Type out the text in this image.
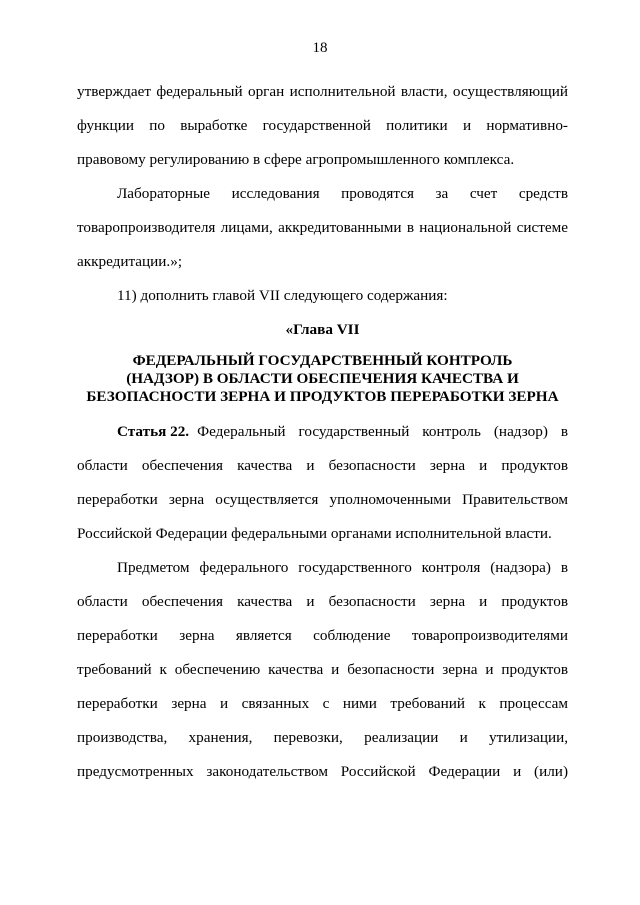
18
утверждает федеральный орган исполнительной власти, осуществляющий
функции по выработке государственной политики и нормативно-
правовому регулированию в сфере агропромышленного комплекса.
Лабораторные исследования проводятся за счет средств
товаропроизводителя лицами, аккредитованными в национальной системе
аккредитации.»;
11) дополнить главой VII следующего содержания:
«Глава VII
ФЕДЕРАЛЬНЫЙ ГОСУДАРСТВЕННЫЙ КОНТРОЛЬ
(НАДЗОР) В ОБЛАСТИ ОБЕСПЕЧЕНИЯ КАЧЕСТВА И
БЕЗОПАСНОСТИ ЗЕРНА И ПРОДУКТОВ ПЕРЕРАБОТКИ ЗЕРНА
Статья 22. Федеральный государственный контроль (надзор) в
области обеспечения качества и безопасности зерна и продуктов
переработки зерна осуществляется уполномоченными Правительством
Российской Федерации федеральными органами исполнительной власти.
Предметом федерального государственного контроля (надзора) в
области обеспечения качества и безопасности зерна и продуктов
переработки зерна является соблюдение товаропроизводителями
требований к обеспечению качества и безопасности зерна и продуктов
переработки зерна и связанных с ними требований к процессам
производства, хранения, перевозки, реализации и утилизации,
предусмотренных законодательством Российской Федерации и (или)
